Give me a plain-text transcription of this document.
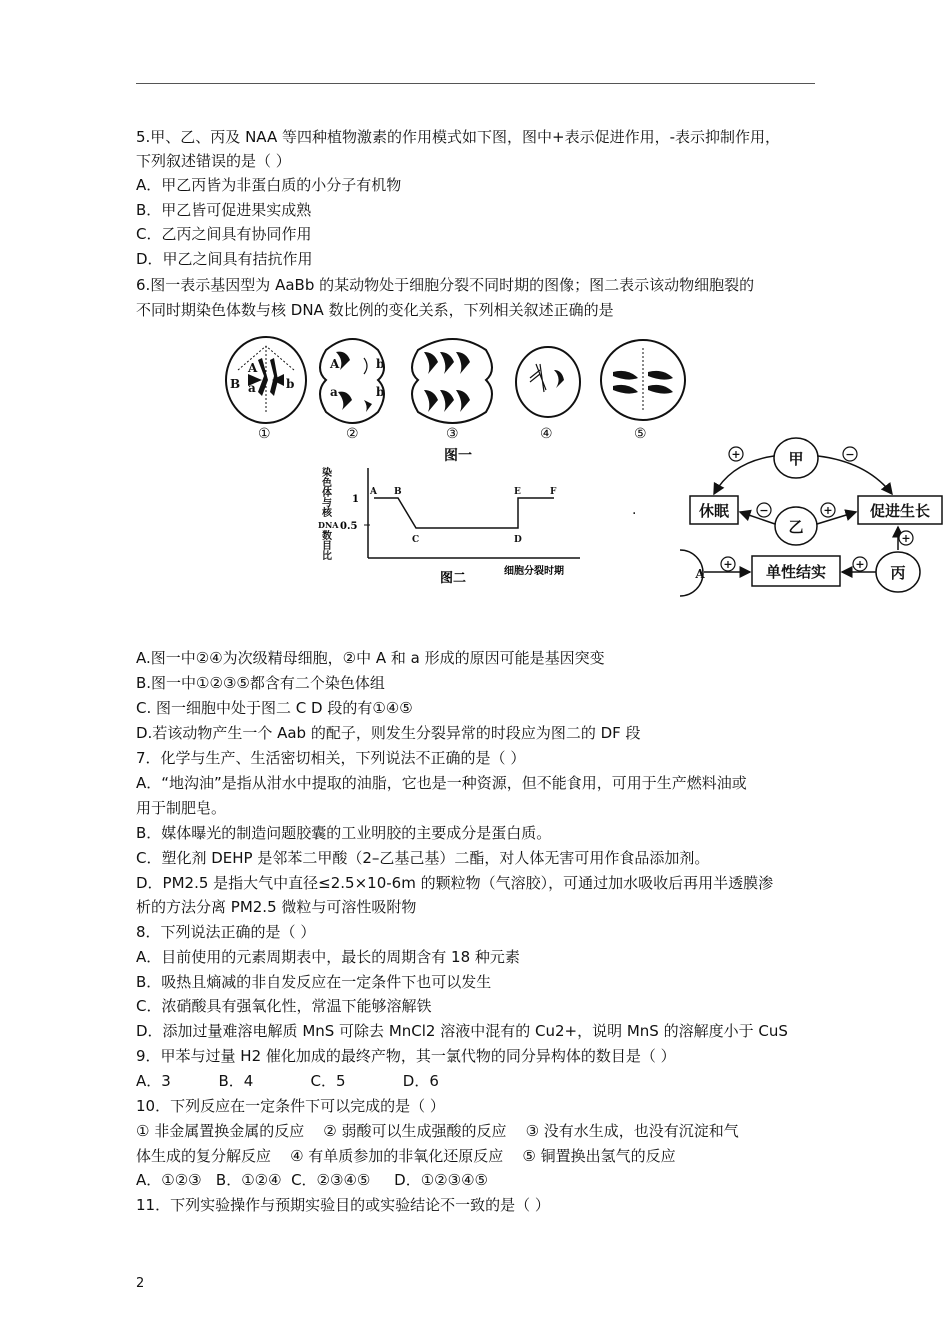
5.甲、乙、丙及 NAA 等四种植物激素的作用模式如下图，图中+表示促进作用，-表示抑制作用，
下列叙述错误的是（ ）
A．甲乙丙皆为非蛋白质的小分子有机物
B．甲乙皆可促进果实成熟
C．乙丙之间具有协同作用
D．甲乙之间具有拮抗作用
6.图一表示基因型为 AaBb 的某动物处于细胞分裂不同时期的图像；图二表示该动物细胞裂的
不同时期染色体数与核 DNA 数比例的变化关系，下列相关叙述正确的是
A
B a	b
A
a
b
b
①	②	③	④	⑤
图一
染
色
体
与
核
DNA
数
目
比
1
0.5
A B
C	D
E	F
细胞分裂时期
图二
.
+	−
−	+
+
+
+
甲
乙
丙
休眠	促进生长
单性结实
A
A.图一中②④为次级精母细胞，②中 A 和 a 形成的原因可能是基因突变
B.图一中①②③⑤都含有二个染色体组
C. 图一细胞中处于图二 C D 段的有①④⑤
D.若该动物产生一个 Aab 的配子，则发生分裂异常的时段应为图二的 DF 段
7．化学与生产、生活密切相关，下列说法不正确的是（ ）
A．“地沟油”是指从泔水中提取的油脂，它也是一种资源，但不能食用，可用于生产燃料油或
用于制肥皂。
B．媒体曝光的制造问题胶囊的工业明胶的主要成分是蛋白质。
C．塑化剂 DEHP 是邻苯二甲酸（2–乙基己基）二酯，对人体无害可用作食品添加剂。
D．PM2.5 是指大气中直径≤2.5×10-6m 的颗粒物（气溶胶），可通过加水吸收后再用半透膜渗
析的方法分离 PM2.5 微粒与可溶性吸附物
8．下列说法正确的是（ ）
A．目前使用的元素周期表中，最长的周期含有 18 种元素
B．吸热且熵减的非自发反应在一定条件下也可以发生
C．浓硝酸具有强氧化性，常温下能够溶解铁
D．添加过量难溶电解质 MnS 可除去 MnCl2 溶液中混有的 Cu2+，说明 MnS 的溶解度小于 CuS
9．甲苯与过量 H2 催化加成的最终产物，其一氯代物的同分异构体的数目是（ ）
A．3          B．4            C．5            D．6
10．下列反应在一定条件下可以完成的是（ ）
① 非金属置换金属的反应    ② 弱酸可以生成强酸的反应    ③ 没有水生成，也没有沉淀和气
体生成的复分解反应    ④ 有单质参加的非氧化还原反应    ⑤ 铜置换出氢气的反应
A．①②③   B．①②④  C．②③④⑤     D．①②③④⑤
11．下列实验操作与预期实验目的或实验结论不一致的是（ ）
2
